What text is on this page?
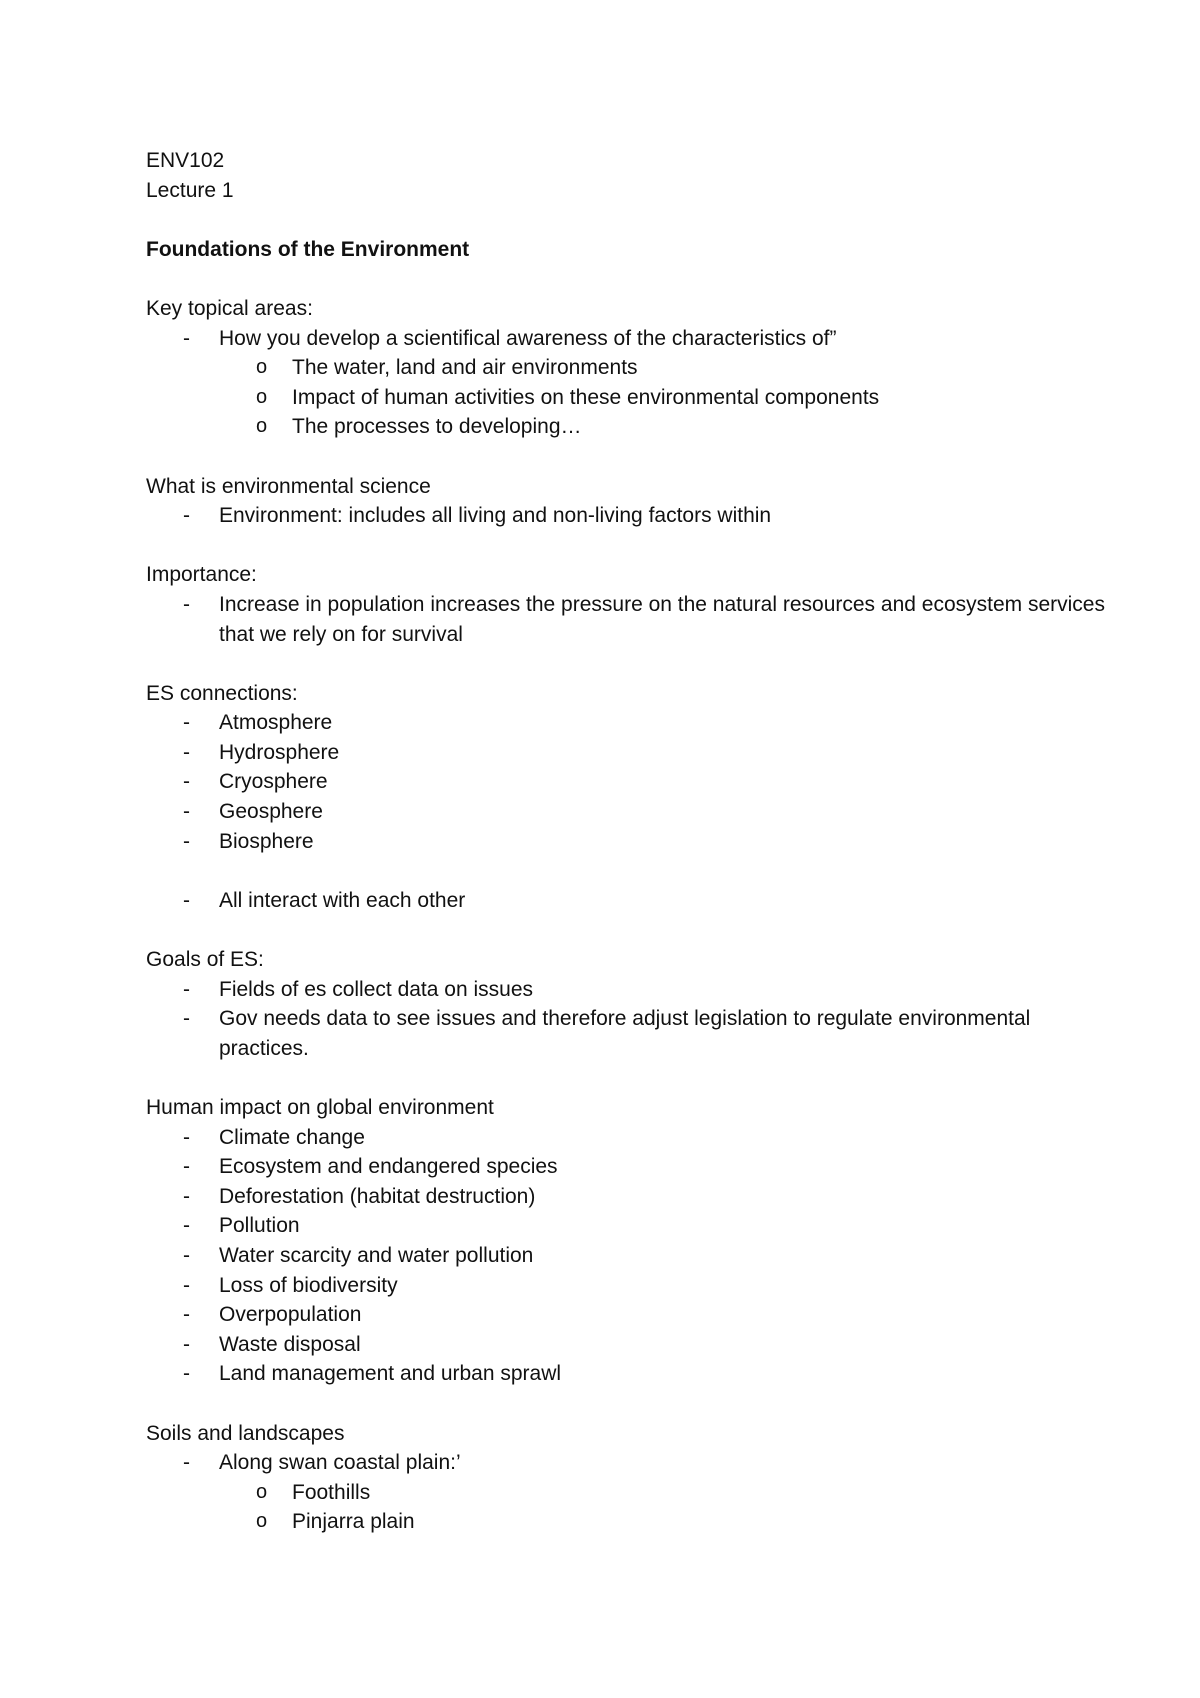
ENV102
Lecture 1
Foundations of the Environment
Key topical areas:
- How you develop a scientifical awareness of the characteristics of”
o The water, land and air environments
o Impact of human activities on these environmental components
o The processes to developing…
What is environmental science
- Environment: includes all living and non-living factors within
Importance:
- Increase in population increases the pressure on the natural resources and ecosystem services that we rely on for survival
ES connections:
- Atmosphere
- Hydrosphere
- Cryosphere
- Geosphere
- Biosphere
- All interact with each other
Goals of ES:
- Fields of es collect data on issues
- Gov needs data to see issues and therefore adjust legislation to regulate environmental practices.
Human impact on global environment
- Climate change
- Ecosystem and endangered species
- Deforestation (habitat destruction)
- Pollution
- Water scarcity and water pollution
- Loss of biodiversity
- Overpopulation
- Waste disposal
- Land management and urban sprawl
Soils and landscapes
- Along swan coastal plain:’
o Foothills
o Pinjarra plain
